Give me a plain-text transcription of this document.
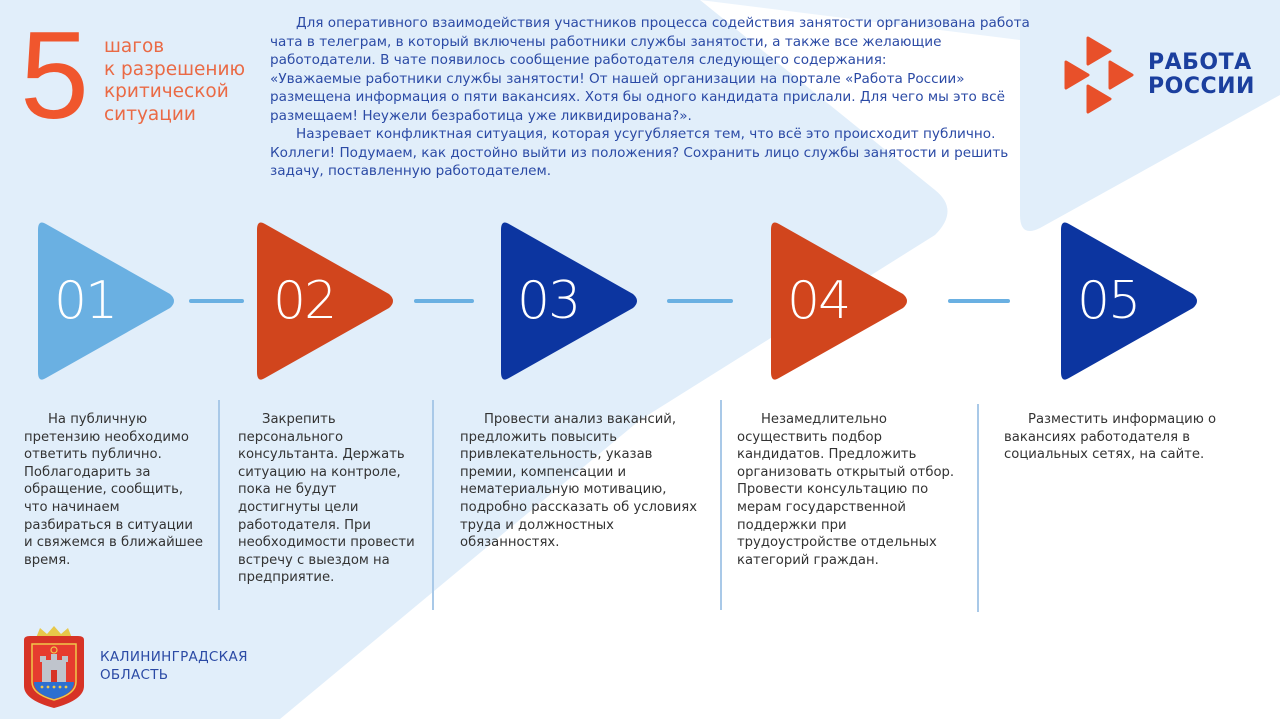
5 шагов
к разрешению
критической
ситуации

Для оперативного взаимодействия участников процесса содействия занятости организована работа чата в телеграм, в который включены работники службы занятости, а также все желающие работодатели. В чате появилось сообщение работодателя следующего содержания:

«Уважаемые работники службы занятости! От нашей организации на портале «Работа России» размещена информация о пяти вакансиях. Хотя бы одного кандидата прислали. Для чего мы это всё размещаем! Неужели безработица уже ликвидирована?».

Назревает конфликтная ситуация, которая усугубляется тем, что всё это происходит публично. Коллеги! Подумаем, как достойно выйти из положения? Сохранить лицо службы занятости и решить задачу, поставленную работодателем.

РАБОТА
РОССИИ
01	02	03	04	05

На публичную претензию необходимо ответить публично. Поблагодарить за обращение, сообщить, что начинаем разбираться в ситуации и свяжемся в ближайшее время.

Закрепить персонального консультанта. Держать ситуацию на контроле, пока не будут достигнуты цели работодателя. При необходимости провести встречу с выездом на предприятие.

Провести анализ вакансий, предложить повысить привлекательность, указав премии, компенсации и нематериальную мотивацию, подробно рассказать об условиях труда и должностных обязанностях.

Незамедлительно осуществить подбор кандидатов. Предложить организовать открытый отбор. Провести консультацию по мерам государственной поддержки при трудоустройстве отдельных категорий граждан.

Разместить информацию о вакансиях работодателя в социальных сетях, на сайте.

КАЛИНИНГРАДСКАЯ
ОБЛАСТЬ
